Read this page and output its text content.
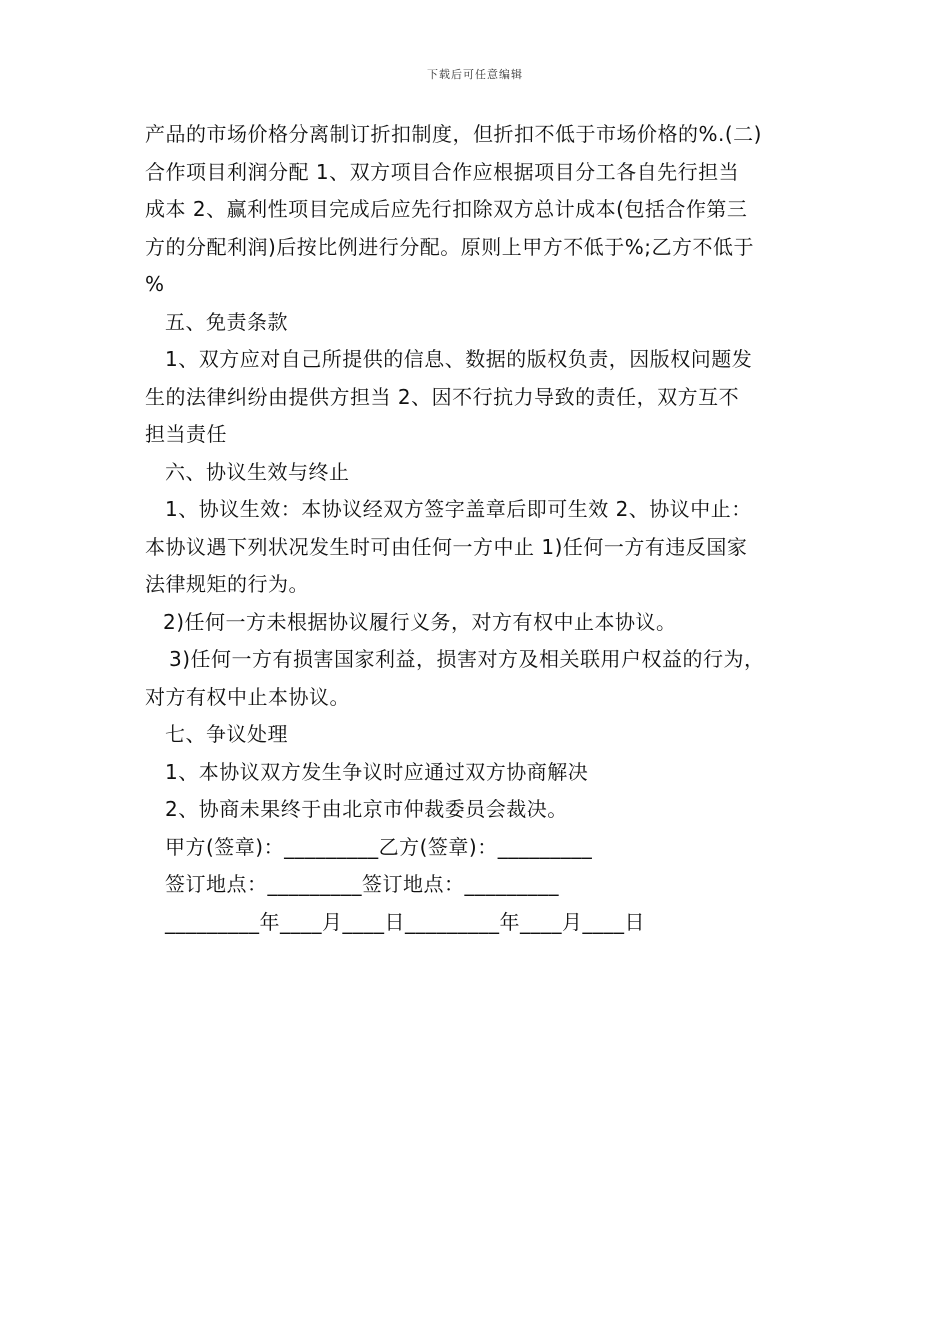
下载后可任意编辑
产品的市场价格分离制订折扣制度，但折扣不低于市场价格的%.(二)
合作项目利润分配 1、双方项目合作应根据项目分工各自先行担当
成本 2、赢利性项目完成后应先行扣除双方总计成本(包括合作第三
方的分配利润)后按比例进行分配。原则上甲方不低于%;乙方不低于
%
五、免责条款
1、双方应对自己所提供的信息、数据的版权负责，因版权问题发
生的法律纠纷由提供方担当 2、因不行抗力导致的责任，双方互不
担当责任
六、协议生效与终止
1、协议生效：本协议经双方签字盖章后即可生效 2、协议中止：
本协议遇下列状况发生时可由任何一方中止 1)任何一方有违反国家
法律规矩的行为。
2)任何一方未根据协议履行义务，对方有权中止本协议。
3)任何一方有损害国家利益，损害对方及相关联用户权益的行为，
对方有权中止本协议。
七、争议处理
1、本协议双方发生争议时应通过双方协商解决
2、协商未果终于由北京市仲裁委员会裁决。
甲方(签章)：_________乙方(签章)：_________
签订地点：_________签订地点：_________
_________年____月____日_________年____月____日
